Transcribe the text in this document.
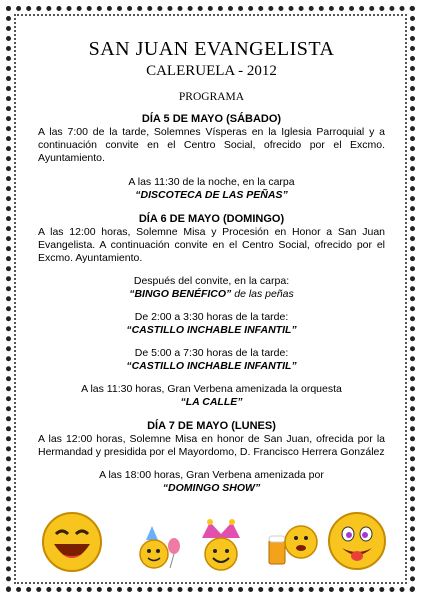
SAN JUAN EVANGELISTA
CALERUELA - 2012
PROGRAMA
DÍA 5 DE MAYO (SÁBADO)

A las 7:00 de la tarde, Solemnes Vísperas en la Iglesia Parroquial y a continuación convite en el Centro Social, ofrecido por el Excmo. Ayuntamiento.

A las 11:30 de la noche, en la carpa

“DISCOTECA DE LAS PEÑAS”

DÍA 6 DE MAYO (DOMINGO)

A las 12:00 horas, Solemne Misa y Procesión en Honor a San Juan Evangelista. A continuación convite en el Centro Social, ofrecido por el Excmo. Ayuntamiento.

Después del convite, en la carpa:

“BINGO BENÉFICO” de las peñas

De 2:00 a 3:30 horas de la tarde:

“CASTILLO INCHABLE INFANTIL”

De 5:00 a 7:30 horas de la tarde:

“CASTILLO INCHABLE INFANTIL”

A las 11:30 horas, Gran Verbena amenizada la orquesta

“LA CALLE”

DÍA 7 DE MAYO (LUNES)

A las 12:00 horas, Solemne Misa en honor de San Juan, ofrecida por la Hermandad y presidida por el Mayordomo, D. Francisco Herrera González

A las 18:00 horas, Gran Verbena amenizada por

“DOMINGO SHOW”
